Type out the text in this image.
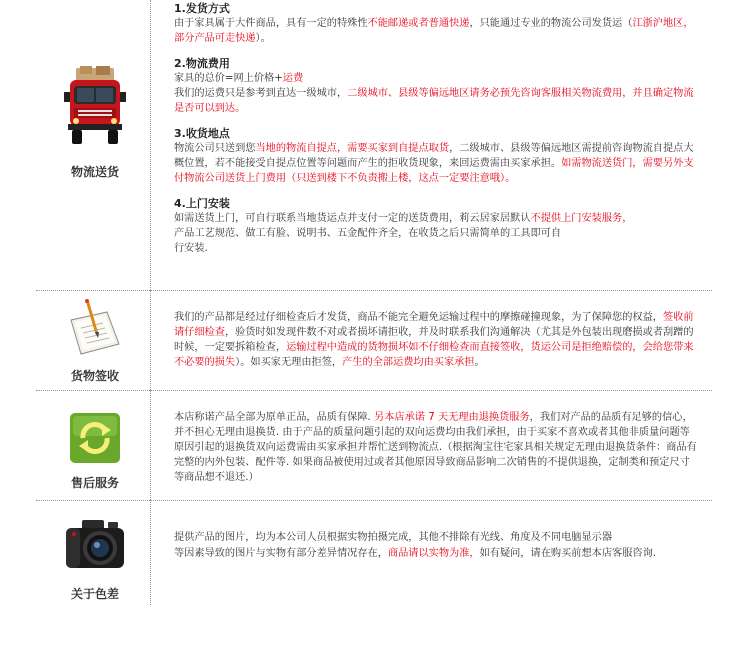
物流送货
1.发货方式

由于家具属于大件商品，具有一定的特殊性不能邮递或者普通快递，只能通过专业的物流公司发货运（江浙沪地区，部分产品可走快递）。

2.物流费用

家具的总价=网上价格+运费
我们的运费只是参考到直达一级城市，二级城市、县级等偏远地区请务必预先咨询客服相关物流费用，并且确定物流是否可以到达。

3.收货地点

物流公司只送到您当地的物流自提点，需要买家到自提点取货，二级城市、县级等偏远地区需提前咨询物流自提点大概位置，若不能接受自提点位置等问题而产生的拒收货现象，来回运费需由买家承担。如需物流送货门，需要另外支付物流公司送货上门费用（只送到楼下不负责搬上楼，这点一定要注意哦）。

4.上门安装

如需送货上门，可自行联系当地货运点并支付一定的送货费用，莉云居家居默认不提供上门安装服务，
产品工艺规范、做工有脸、说明书、五金配件齐全，在收货之后只需简单的工具即可自
行安装.

货物签收

我们的产品都是经过仔细检查后才发货，商品不能完全避免运输过程中的摩擦碰撞现象，为了保障您的权益，签收前请仔细检查，验货时如发现件数不对或者损坏请拒收，并及时联系我们沟通解决（尤其是外包装出现磨损或者刮蹭的时候，一定要拆箱检查，运输过程中造成的货物损坏如不仔细检查而直接签收，货运公司是拒绝赔偿的，会给您带来不必要的损失）。如买家无理由拒签，产生的全部运费均由买家承担。

售后服务

本店称诺产品全部为原单正品，品质有保障. 另本店承诺 7 天无理由退换货服务，我们对产品的品质有足够的信心，并不担心无理由退换货. 由于产品的质量问题引起的双向运费均由我们承担，由于买家不喜欢或者其他非质量问题等原因引起的退换货双向运费需由买家承担并帮忙送到物流点.（根据淘宝往宅家具相关规定无理由退换货条件：商品有完整的内外包装、配件等. 如果商品被使用过或者其他原因导致商品影响二次销售的不提供退换，定制类和预定尺寸等商品想不退还.）

关于色差

提供产品的图片，均为本公司人员根据实物拍摄完成，其他不排除有光线、角度及不同电脑显示器
等因素导致的图片与实物有部分差异情况存在，商品请以实物为准，如有疑问，请在购买前想本店客服咨询.
